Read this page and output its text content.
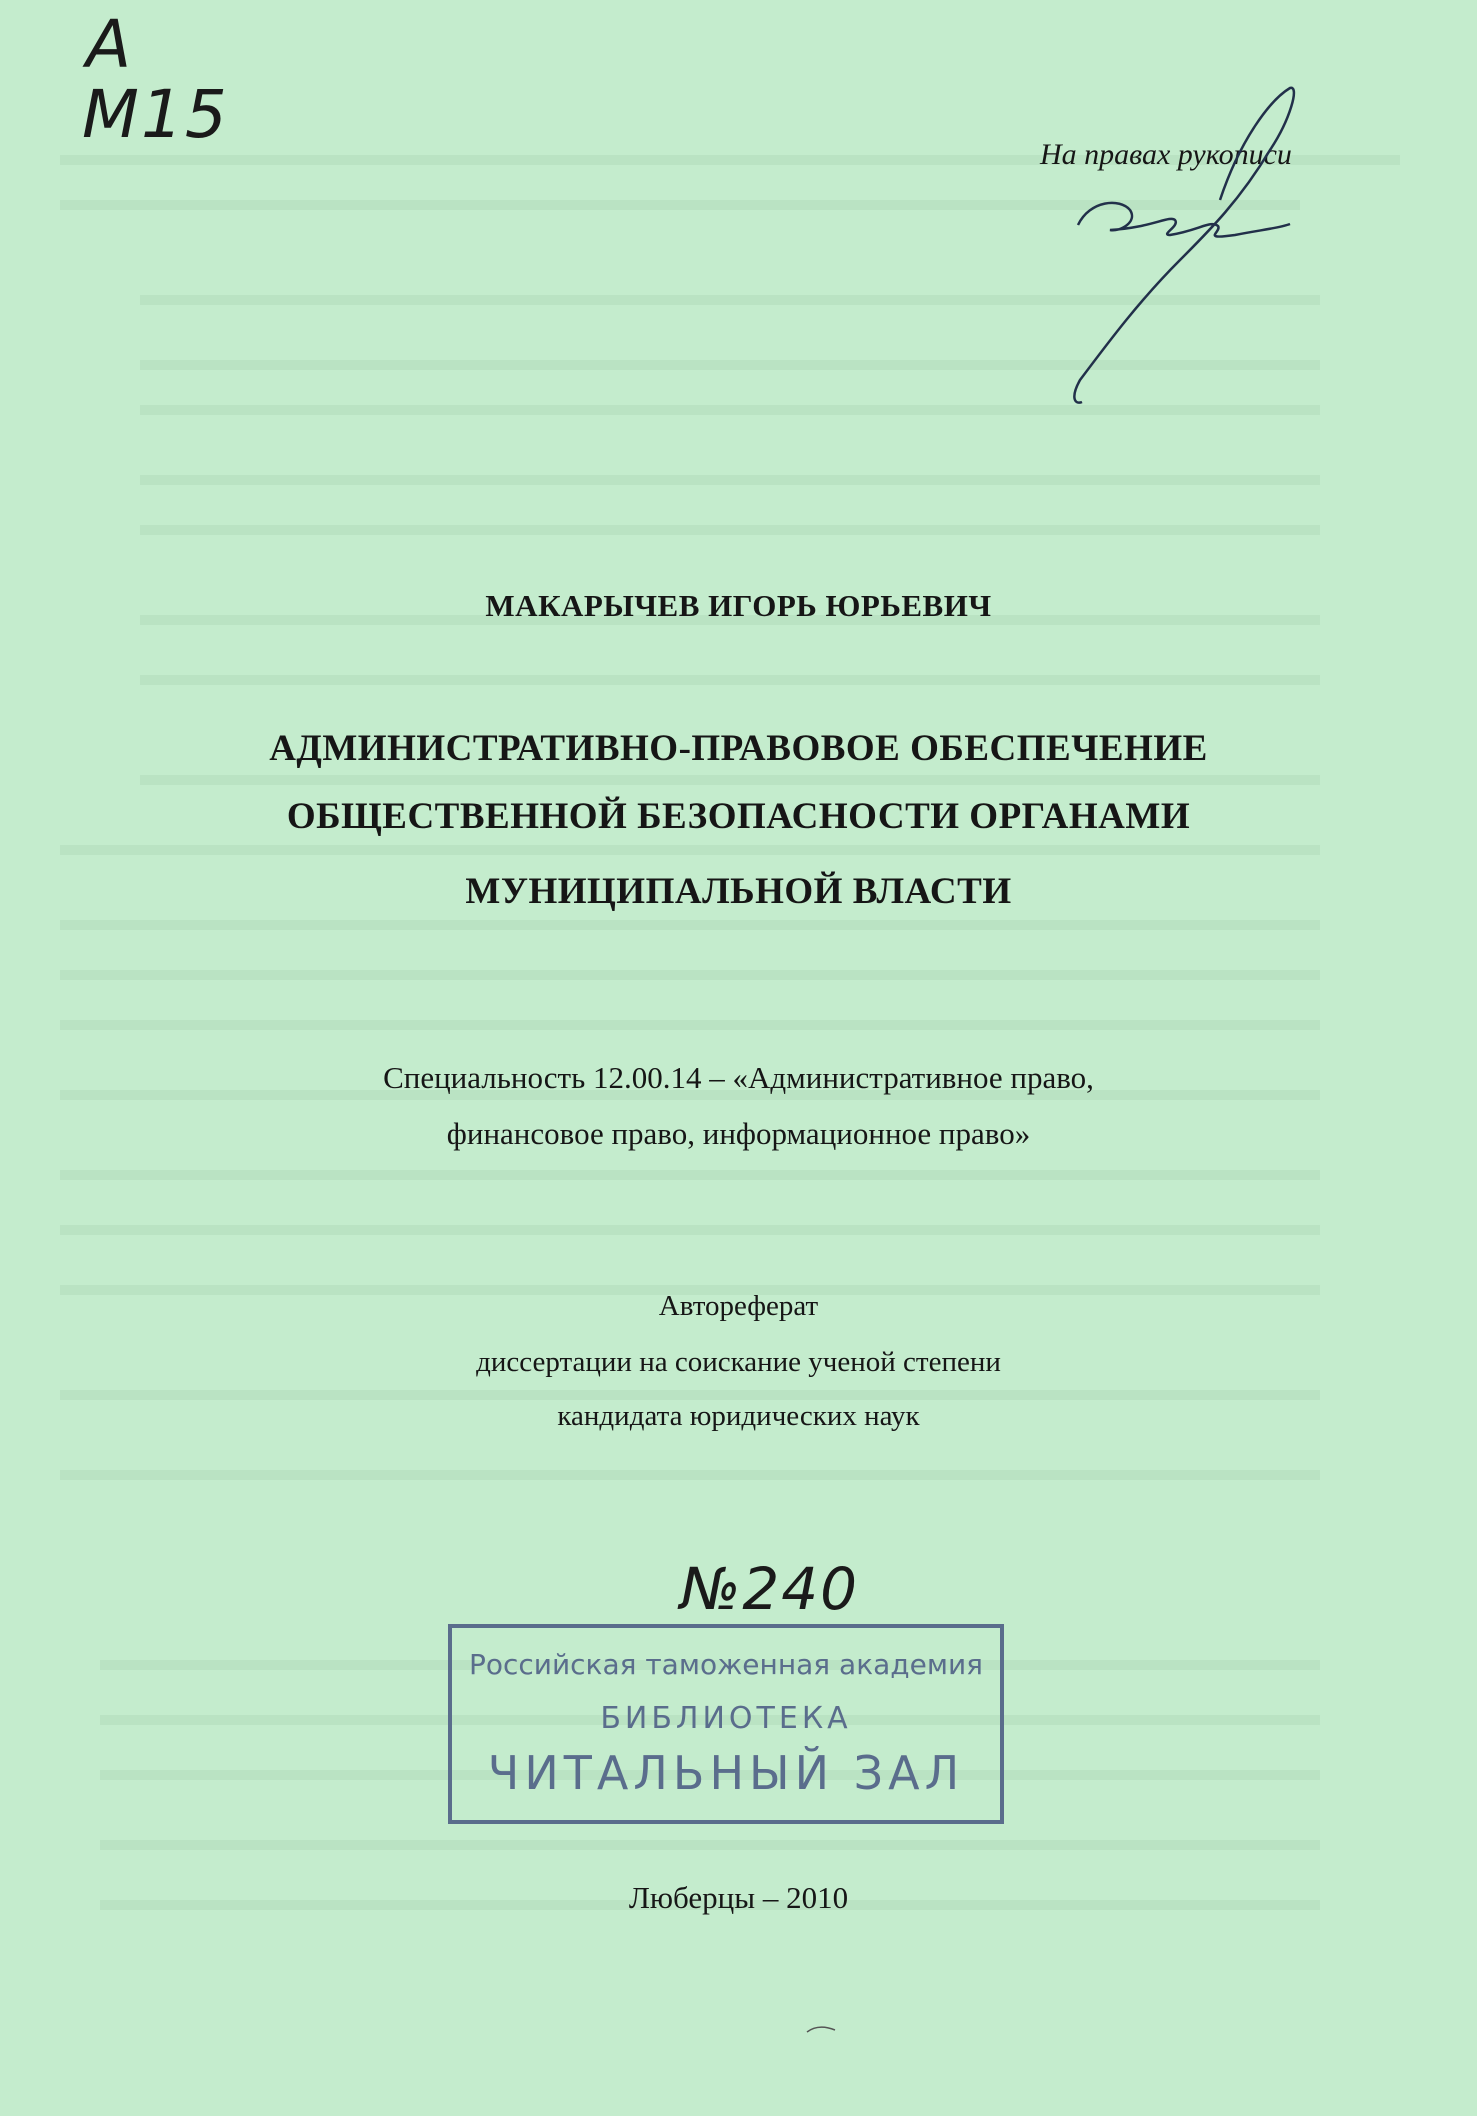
А
М15
На правах рукописи
МАКАРЫЧЕВ ИГОРЬ ЮРЬЕВИЧ
АДМИНИСТРАТИВНО-ПРАВОВОЕ ОБЕСПЕЧЕНИЕ
ОБЩЕСТВЕННОЙ БЕЗОПАСНОСТИ ОРГАНАМИ
МУНИЦИПАЛЬНОЙ ВЛАСТИ
Специальность 12.00.14 – «Административное право,
финансовое право, информационное право»
Автореферат
диссертации на соискание ученой степени
кандидата юридических наук
№240
Российская таможенная академия
БИБЛИОТЕКА
ЧИТАЛЬНЫЙ ЗАЛ
Люберцы – 2010
